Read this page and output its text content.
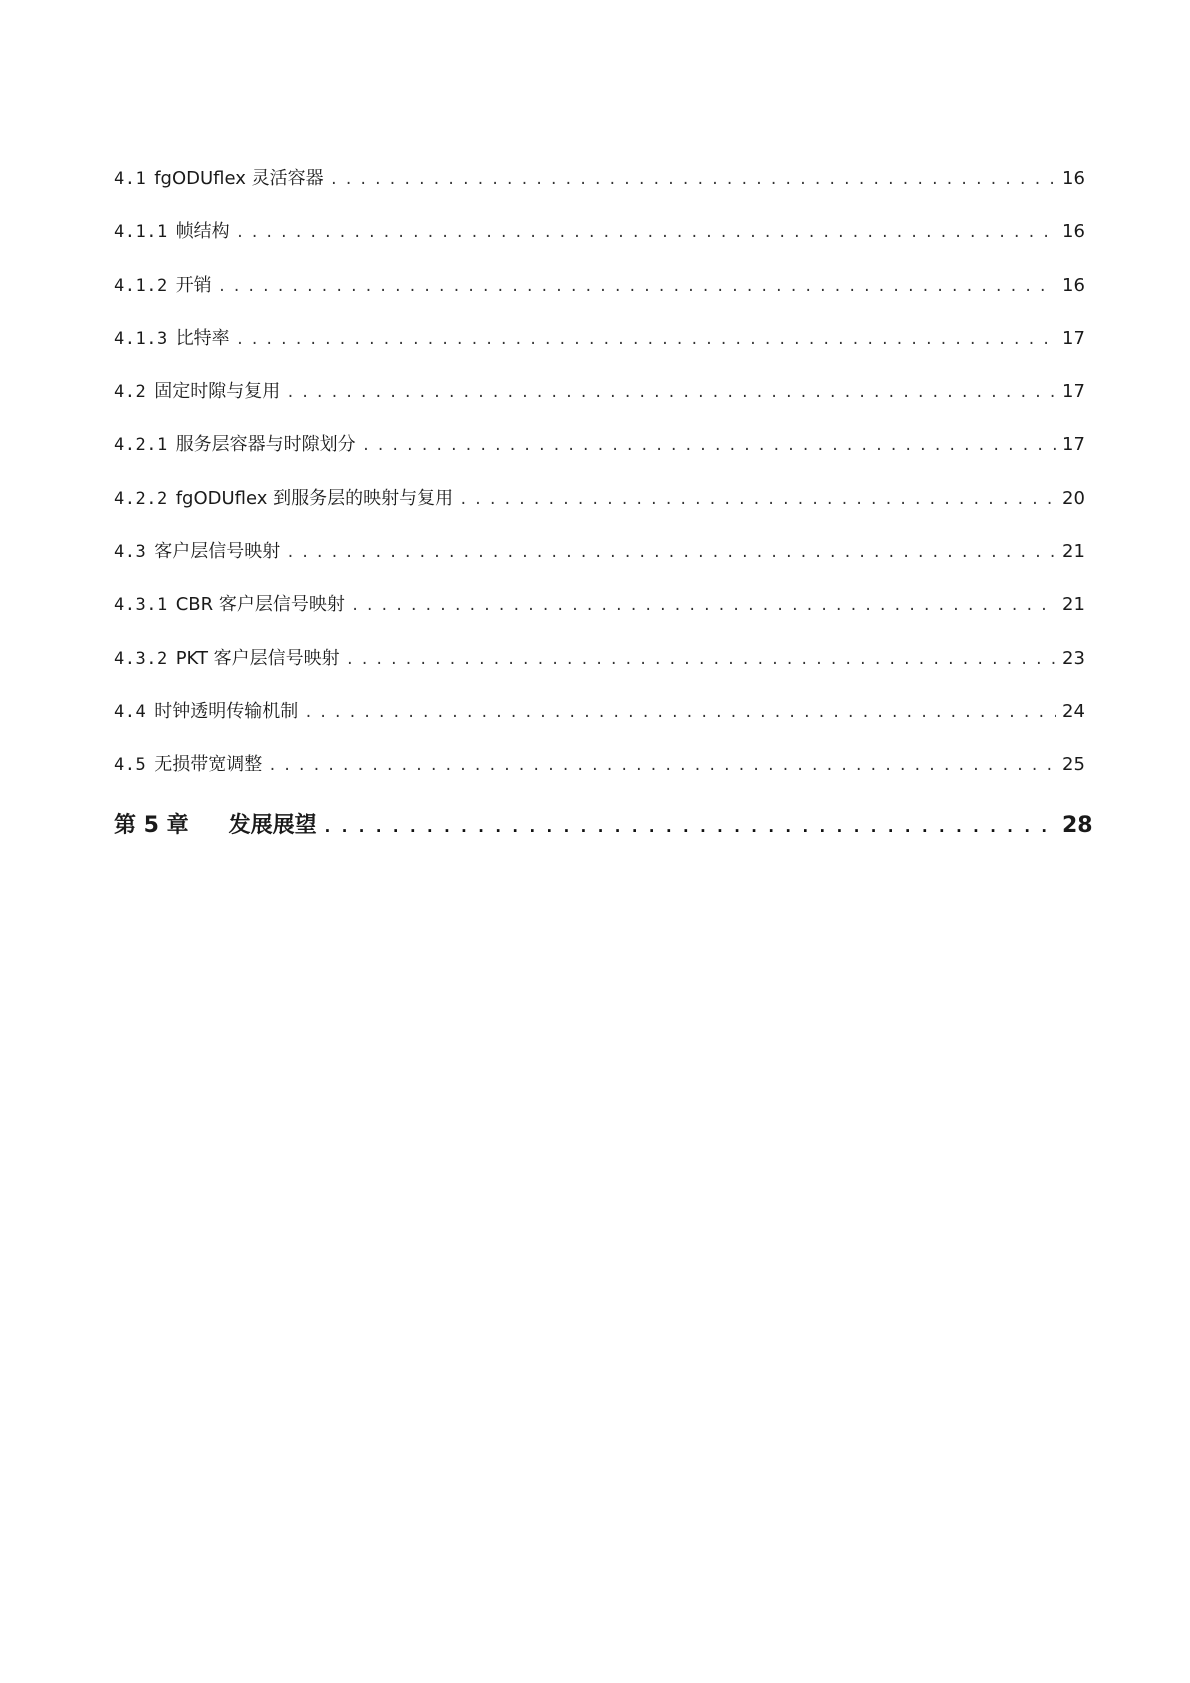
4.1 fgODUflex 灵活容器 . . .	16
4.1.1 帧结构 . . .	16
4.1.2 开销 . . .	16
4.1.3 比特率 . . .	17
4.2 固定时隙与复用 . . .	17
4.2.1 服务层容器与时隙划分 . . .	17
4.2.2 fgODUflex 到服务层的映射与复用 . . .	20
4.3 客户层信号映射 . . .	21
4.3.1 CBR 客户层信号映射 . . .	21
4.3.2 PKT 客户层信号映射 . . .	23
4.4 时钟透明传输机制 . . .	24
4.5 无损带宽调整 . . .	25
第 5 章 发展展望 . . .	28
